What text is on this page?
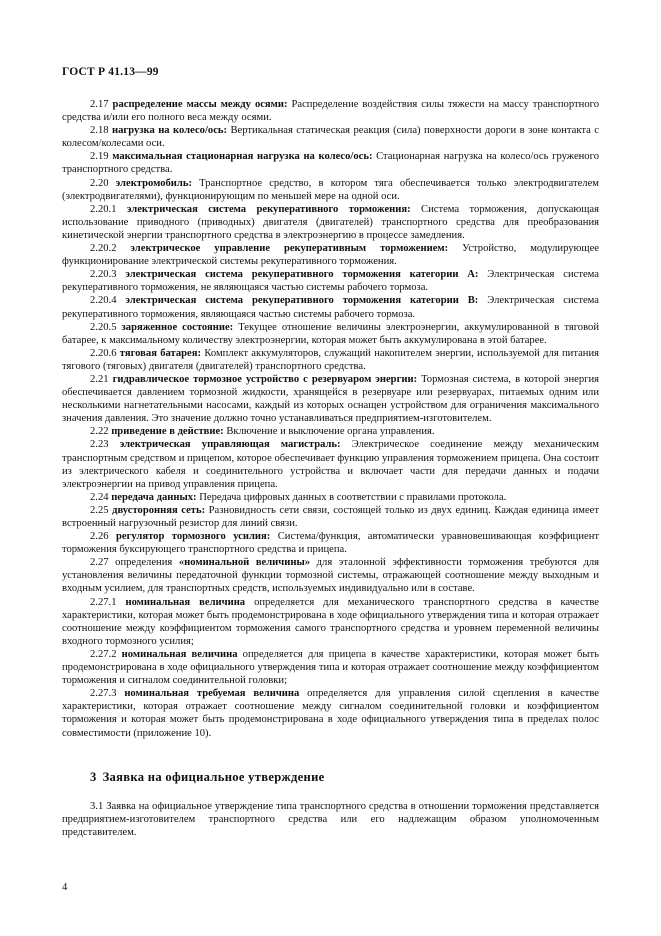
ГОСТ Р 41.13—99

2.17 распределение массы между осями: Распределение воздействия силы тяжести на массу транспортного средства и/или его полного веса между осями.

2.18 нагрузка на колесо/ось: Вертикальная статическая реакция (сила) поверхности дороги в зоне контакта с колесом/колесами оси.

2.19 максимальная стационарная нагрузка на колесо/ось: Стационарная нагрузка на колесо/ось груженого транспортного средства.

2.20 электромобиль: Транспортное средство, в котором тяга обеспечивается только электродвигателем (электродвигателями), функционирующим по меньшей мере на одной оси.

2.20.1 электрическая система рекуперативного торможения: Система торможения, допускающая использование приводного (приводных) двигателя (двигателей) транспортного средства для преобразования кинетической энергии транспортного средства в электроэнергию в процессе замедления.

2.20.2 электрическое управление рекуперативным торможением: Устройство, модулирующее функционирование электрической системы рекуперативного торможения.

2.20.3 электрическая система рекуперативного торможения категории А: Электрическая система рекуперативного торможения, не являющаяся частью системы рабочего тормоза.

2.20.4 электрическая система рекуперативного торможения категории В: Электрическая система рекуперативного торможения, являющаяся частью системы рабочего тормоза.

2.20.5 заряженное состояние: Текущее отношение величины электроэнергии, аккумулированной в тяговой батарее, к максимальному количеству электроэнергии, которая может быть аккумулирована в этой батарее.

2.20.6 тяговая батарея: Комплект аккумуляторов, служащий накопителем энергии, используемой для питания тягового (тяговых) двигателя (двигателей) транспортного средства.

2.21 гидравлическое тормозное устройство с резервуаром энергии: Тормозная система, в которой энергия обеспечивается давлением тормозной жидкости, хранящейся в резервуаре или резервуарах, питаемых одним или несколькими нагнетательными насосами, каждый из которых оснащен устройством для ограничения максимального значения давления. Это значение должно точно устанавливаться предприятием-изготовителем.

2.22 приведение в действие: Включение и выключение органа управления.

2.23 электрическая управляющая магистраль: Электрическое соединение между механическим транспортным средством и прицепом, которое обеспечивает функцию управления торможением прицепа. Она состоит из электрического кабеля и соединительного устройства и включает части для передачи данных и подачи электроэнергии на привод управления прицепа.

2.24 передача данных: Передача цифровых данных в соответствии с правилами протокола.

2.25 двусторонняя сеть: Разновидность сети связи, состоящей только из двух единиц. Каждая единица имеет встроенный нагрузочный резистор для линий связи.

2.26 регулятор тормозного усилия: Система/функция, автоматически уравновешивающая коэффициент торможения буксирующего транспортного средства и прицепа.

2.27 определения «номинальной величины» для эталонной эффективности торможения требуются для установления величины передаточной функции тормозной системы, отражающей соотношение между выходным и входным усилием, для транспортных средств, используемых индивидуально или в составе.

2.27.1 номинальная величина определяется для механического транспортного средства в качестве характеристики, которая может быть продемонстрирована в ходе официального утверждения типа и которая отражает соотношение между коэффициентом торможения самого транспортного средства и уровнем переменной величины входного тормозного усилия;

2.27.2 номинальная величина определяется для прицепа в качестве характеристики, которая может быть продемонстрирована в ходе официального утверждения типа и которая отражает соотношение между коэффициентом торможения и сигналом соединительной головки;

2.27.3 номинальная требуемая величина определяется для управления силой сцепления в качестве характеристики, которая отражает соотношение между сигналом соединительной головки и коэффициентом торможения и которая может быть продемонстрирована в ходе официального утверждения типа в пределах полос совместимости (приложение 10).

3 Заявка на официальное утверждение

3.1 Заявка на официальное утверждение типа транспортного средства в отношении торможения представляется предприятием-изготовителем транспортного средства или его надлежащим образом уполномоченным представителем.

4
